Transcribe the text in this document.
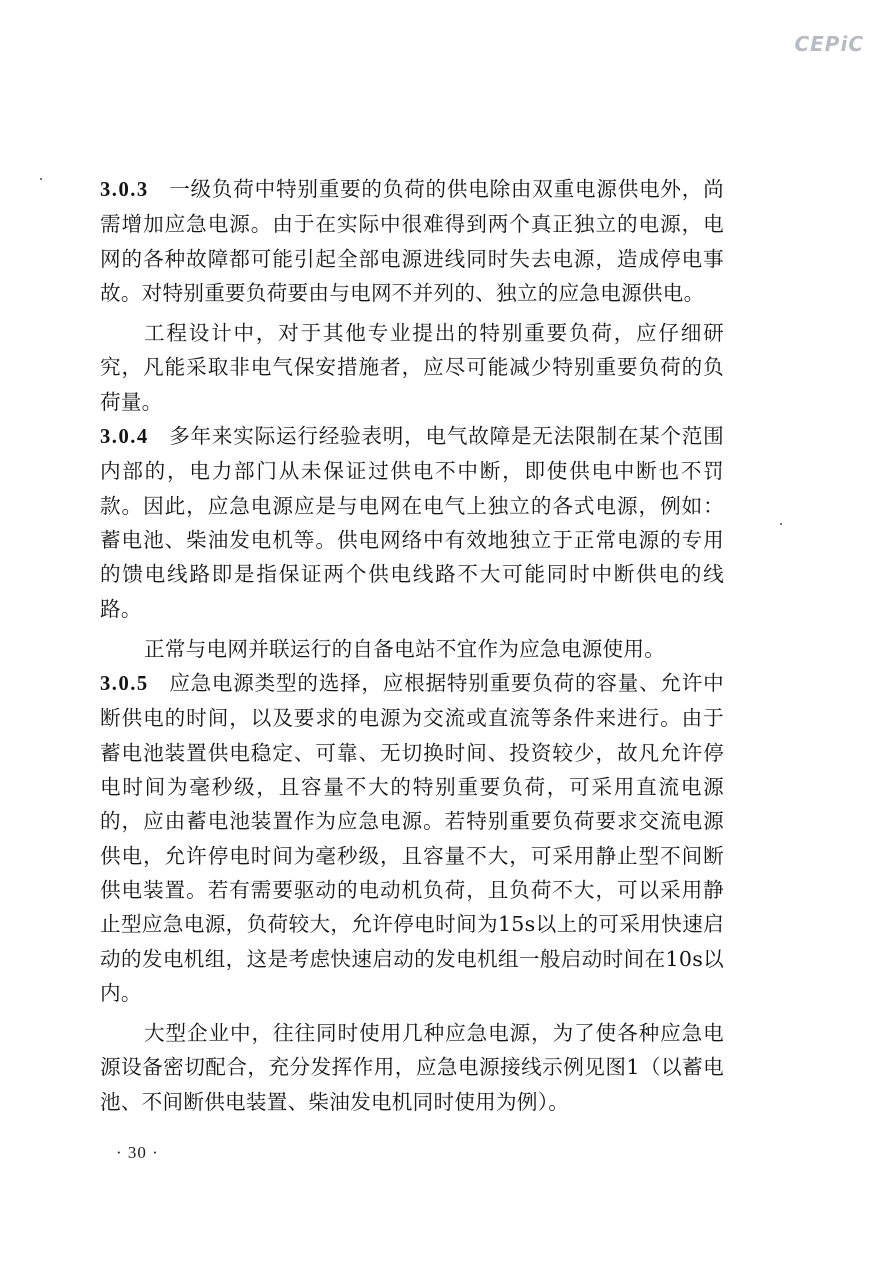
CEPiC

3.0.3 一级负荷中特别重要的负荷的供电除由双重电源供电外，尚需增加应急电源。由于在实际中很难得到两个真正独立的电源，电网的各种故障都可能引起全部电源进线同时失去电源，造成停电事故。对特别重要负荷要由与电网不并列的、独立的应急电源供电。

工程设计中，对于其他专业提出的特别重要负荷，应仔细研究，凡能采取非电气保安措施者，应尽可能减少特别重要负荷的负荷量。

3.0.4 多年来实际运行经验表明，电气故障是无法限制在某个范围内部的，电力部门从未保证过供电不中断，即使供电中断也不罚款。因此，应急电源应是与电网在电气上独立的各式电源，例如：蓄电池、柴油发电机等。供电网络中有效地独立于正常电源的专用的馈电线路即是指保证两个供电线路不大可能同时中断供电的线路。

正常与电网并联运行的自备电站不宜作为应急电源使用。

3.0.5 应急电源类型的选择，应根据特别重要负荷的容量、允许中断供电的时间，以及要求的电源为交流或直流等条件来进行。由于蓄电池装置供电稳定、可靠、无切换时间、投资较少，故凡允许停电时间为毫秒级，且容量不大的特别重要负荷，可采用直流电源的，应由蓄电池装置作为应急电源。若特别重要负荷要求交流电源供电，允许停电时间为毫秒级，且容量不大，可采用静止型不间断供电装置。若有需要驱动的电动机负荷，且负荷不大，可以采用静止型应急电源，负荷较大，允许停电时间为15s以上的可采用快速启动的发电机组，这是考虑快速启动的发电机组一般启动时间在10s以内。

大型企业中，往往同时使用几种应急电源，为了使各种应急电源设备密切配合，充分发挥作用，应急电源接线示例见图1（以蓄电池、不间断供电装置、柴油发电机同时使用为例）。

· 30 ·
